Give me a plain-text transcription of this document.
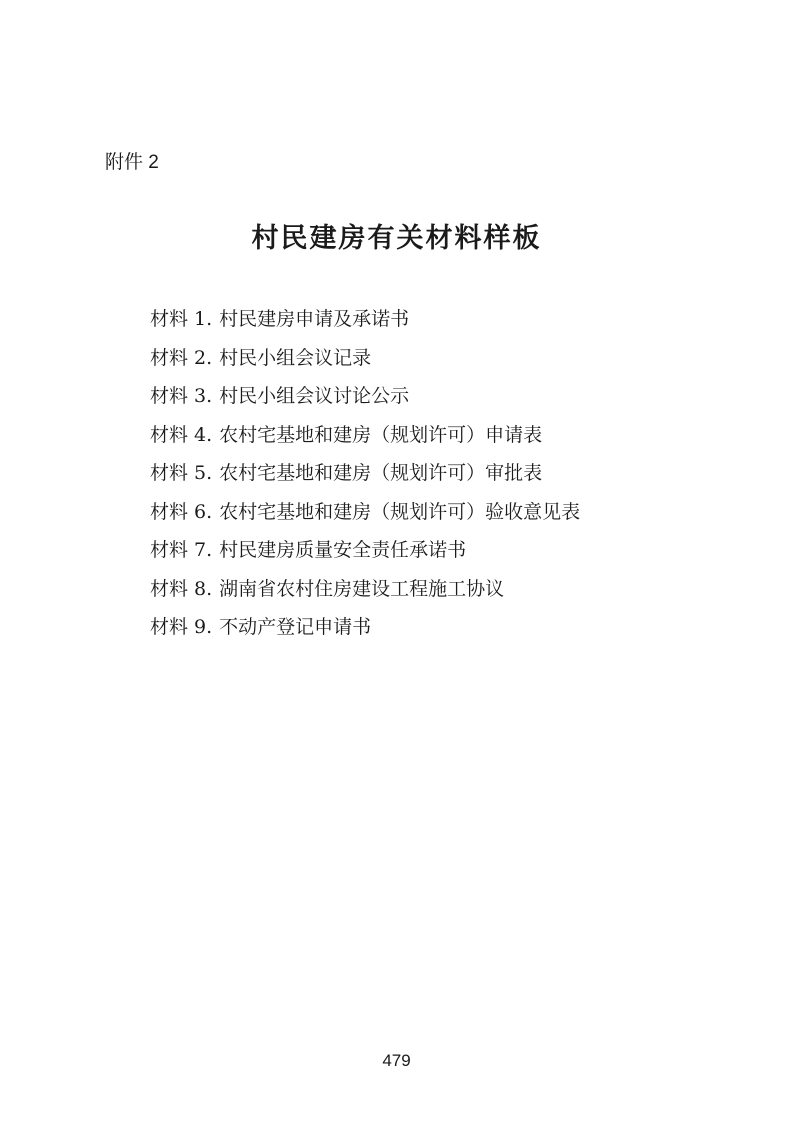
附件 2
村民建房有关材料样板
材料 1. 村民建房申请及承诺书
材料 2. 村民小组会议记录
材料 3. 村民小组会议讨论公示
材料 4. 农村宅基地和建房（规划许可）申请表
材料 5. 农村宅基地和建房（规划许可）审批表
材料 6. 农村宅基地和建房（规划许可）验收意见表
材料 7. 村民建房质量安全责任承诺书
材料 8. 湖南省农村住房建设工程施工协议
材料 9. 不动产登记申请书
479
